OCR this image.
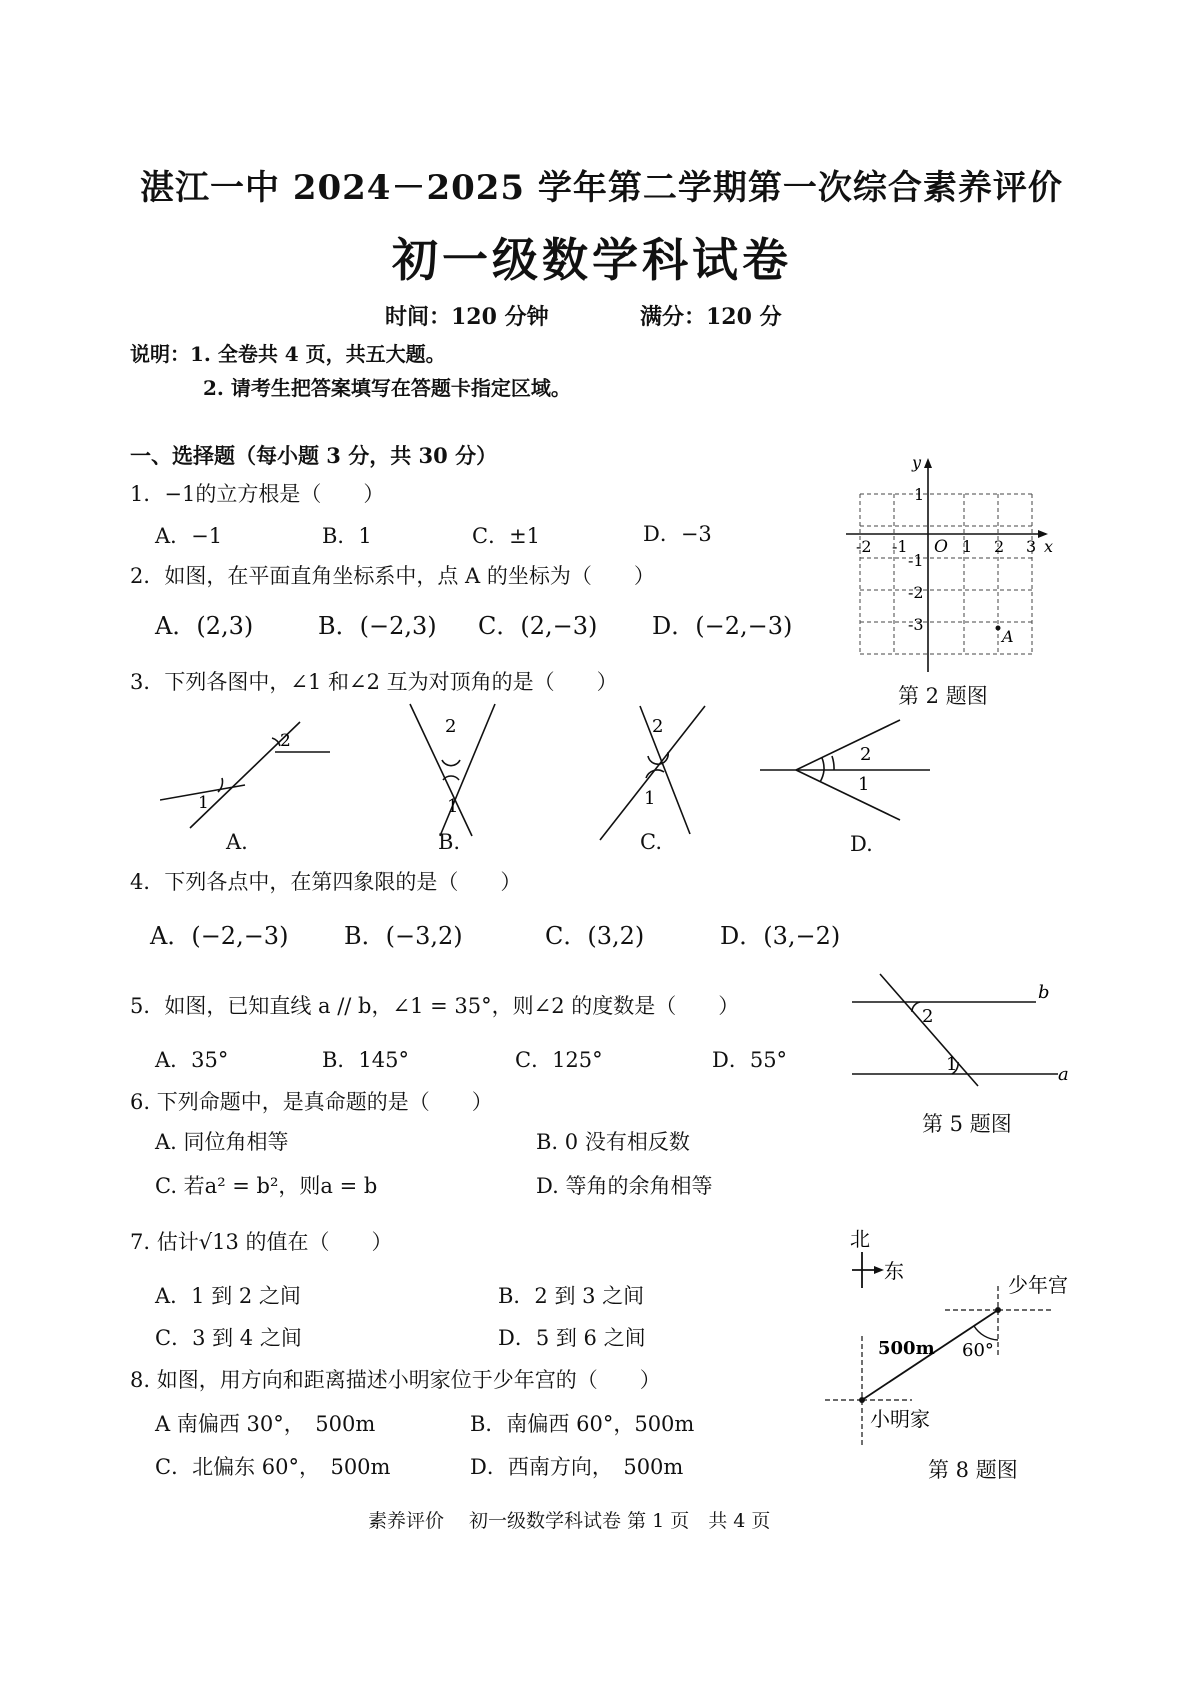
湛江一中 2024－2025 学年第二学期第一次综合素养评价
初一级数学科试卷
时间：120 分钟	满分：120 分
说明：1. 全卷共 4 页，共五大题。
2. 请考生把答案填写在答题卡指定区域。
一、选择题（每小题 3 分，共 30 分）
1．−1的立方根是（　　）
A．−1	B．1	C．±1	D．−3
2．如图，在平面直角坐标系中，点 A 的坐标为（　　）
A．(2,3)	B．(−2,3) C．(2,−3) D．(−2,−3)
y
x
O
-2 -1	1 2 3
1
-1
-2
-3
A
第 2 题图
3．下列各图中，∠1 和∠2 互为对顶角的是（　　）
1
2
2
1
2
1
2
1
A.	B.	C.	D.
4．下列各点中，在第四象限的是（　　）
A．(−2,−3) B．(−3,2)	C．(3,2)	D．(3,−2)
5．如图，已知直线 a // b，∠1 = 35°，则∠2 的度数是（　　）
A．35°	B．145°	C．125°	D．55°
2
1
b
a
第 5 题图
6. 下列命题中，是真命题的是（　　）
A. 同位角相等	B. 0 没有相反数
C. 若a² = b²，则a = b	D. 等角的余角相等
7. 估计√13 的值在（　　）
A．1 到 2 之间	B．2 到 3 之间
C．3 到 4 之间	D．5 到 6 之间
8. 如图，用方向和距离描述小明家位于少年宫的（　　）
A 南偏西 30°，　500m	B．南偏西 60°，500m
C．北偏东 60°，　500m	D．西南方向，　500m
北
东
60°
500m
少年宫
小明家
第 8 题图
素养评价　 初一级数学科试卷 第 1 页　共 4 页
